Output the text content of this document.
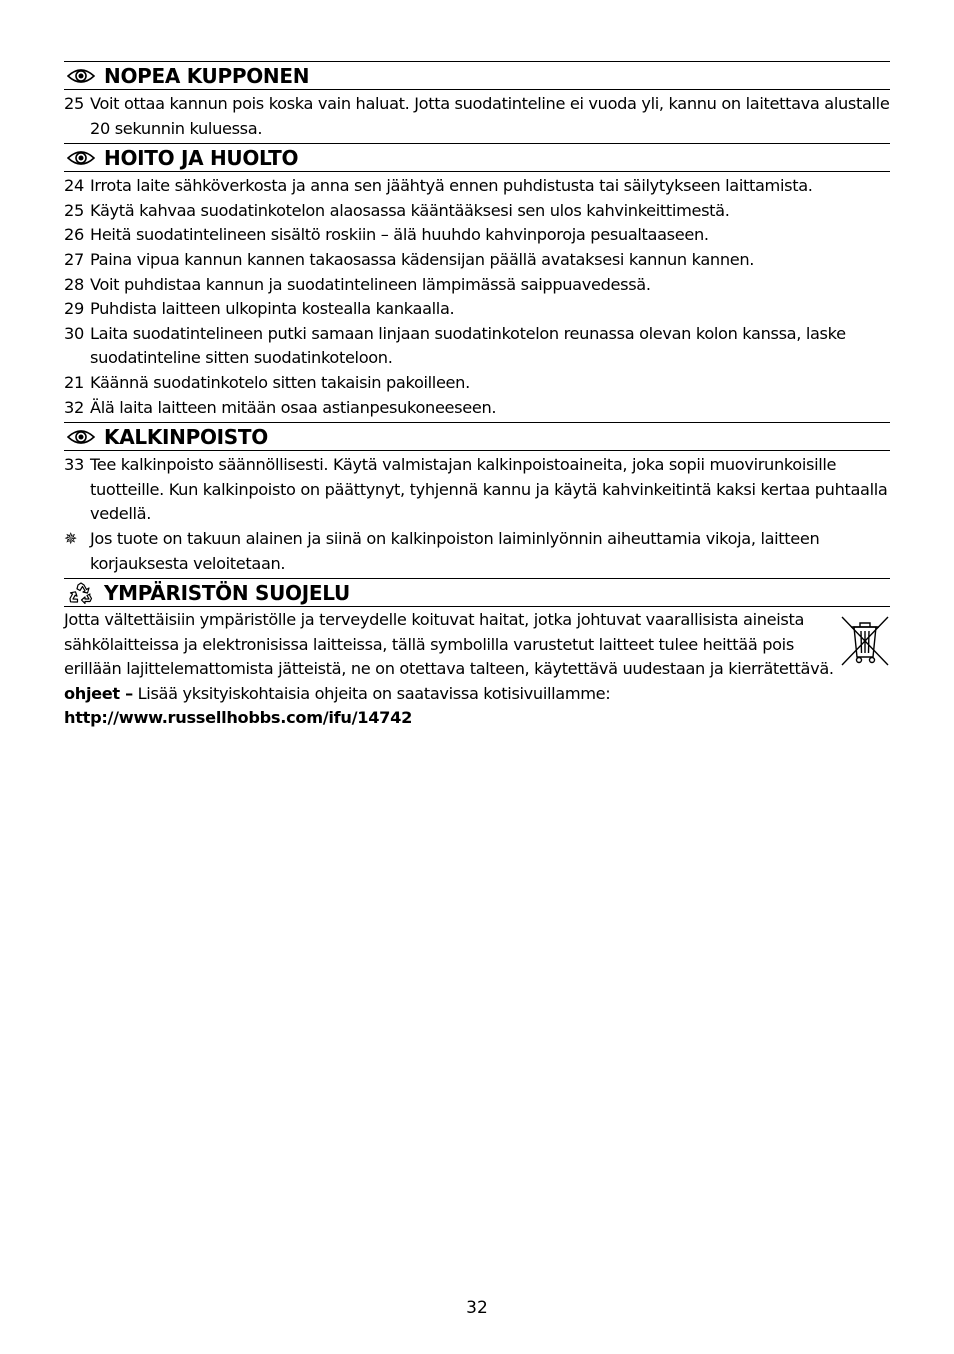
NOPEA KUPPONEN
25 Voit ottaa kannun pois koska vain haluat. Jotta suodatinteline ei vuoda yli, kannu on laitettava alustalle 20 sekunnin kuluessa.
HOITO JA HUOLTO
24 Irrota laite sähköverkosta ja anna sen jäähtyä ennen puhdistusta tai säilytykseen laittamista.
25 Käytä kahvaa suodatinkotelon alaosassa kääntääksesi sen ulos kahvinkeittimestä.
26 Heitä suodatintelineen sisältö roskiin – älä huuhdo kahvinporoja pesualtaaseen.
27 Paina vipua kannun kannen takaosassa kädensijan päällä avataksesi kannun kannen.
28 Voit puhdistaa kannun ja suodatintelineen lämpimässä saippuavedessä.
29 Puhdista laitteen ulkopinta kostealla kankaalla.
30 Laita suodatintelineen putki samaan linjaan suodatinkotelon reunassa olevan kolon kanssa, laske suodatinteline sitten suodatinkoteloon.
21 Käännä suodatinkotelo sitten takaisin pakoilleen.
32 Älä laita laitteen mitään osaa astianpesukoneeseen.
KALKINPOISTO
33 Tee kalkinpoisto säännöllisesti. Käytä valmistajan kalkinpoistoaineita, joka sopii muovirunkoisille tuotteille. Kun kalkinpoisto on päättynyt, tyhjennä kannu ja käytä kahvinkeitintä kaksi kertaa puhtaalla vedellä.
✵ Jos tuote on takuun alainen ja siinä on kalkinpoiston laiminlyönnin aiheuttamia vikoja, laitteen korjauksesta veloitetaan.
YMPÄRISTÖN SUOJELU
Jotta vältettäisiin ympäristölle ja terveydelle koituvat haitat, jotka johtuvat vaarallisista aineista sähkölaitteissa ja elektronisissa laitteissa, tällä symbolilla varustetut laitteet tulee heittää pois erillään lajittelemattomista jätteistä, ne on otettava talteen, käytettävä uudestaan ja kierrätettävä.
ohjeet – Lisää yksityiskohtaisia ohjeita on saatavissa kotisivuillamme:
http://www.russellhobbs.com/ifu/14742
32
